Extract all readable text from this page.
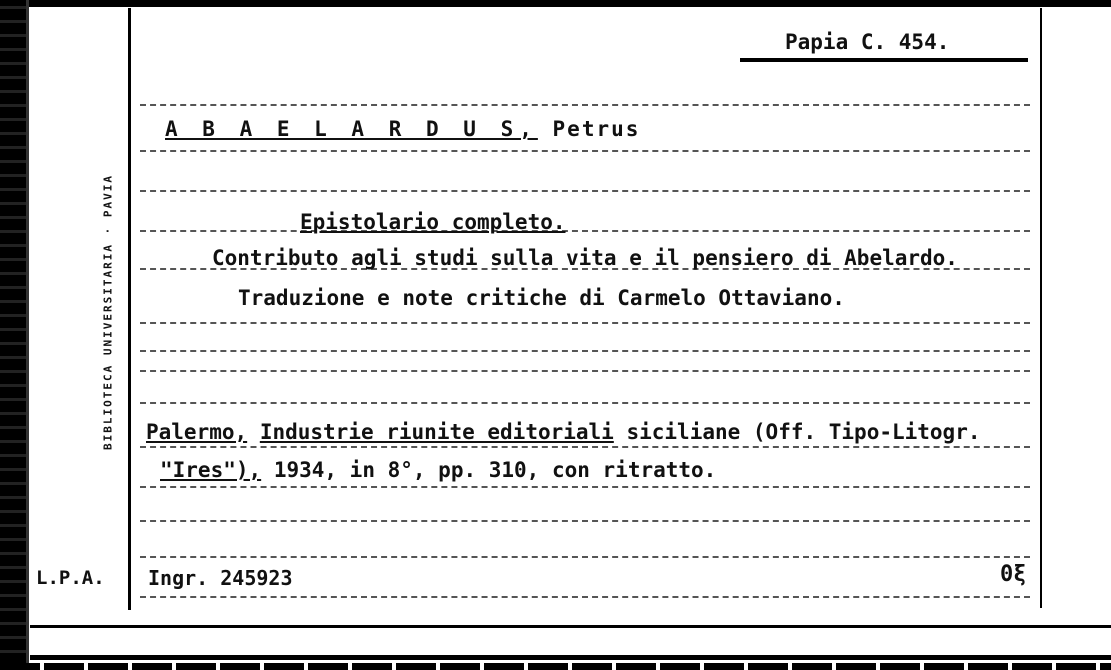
Papia C. 454.
A B A E L A R D U S, Petrus
Epistolario completo.
Contributo agli studi sulla vita e il pensiero di Abelardo.
Traduzione e note critiche di Carmelo Ottaviano.
Palermo, Industrie riunite editoriali siciliane (Off. Tipo-Litogr.
"Ires"), 1934, in 8°, pp. 310, con ritratto.
Ingr. 245923	0ξ
L.P.A.
BIBLIOTECA UNIVERSITARIA · PAVIA
